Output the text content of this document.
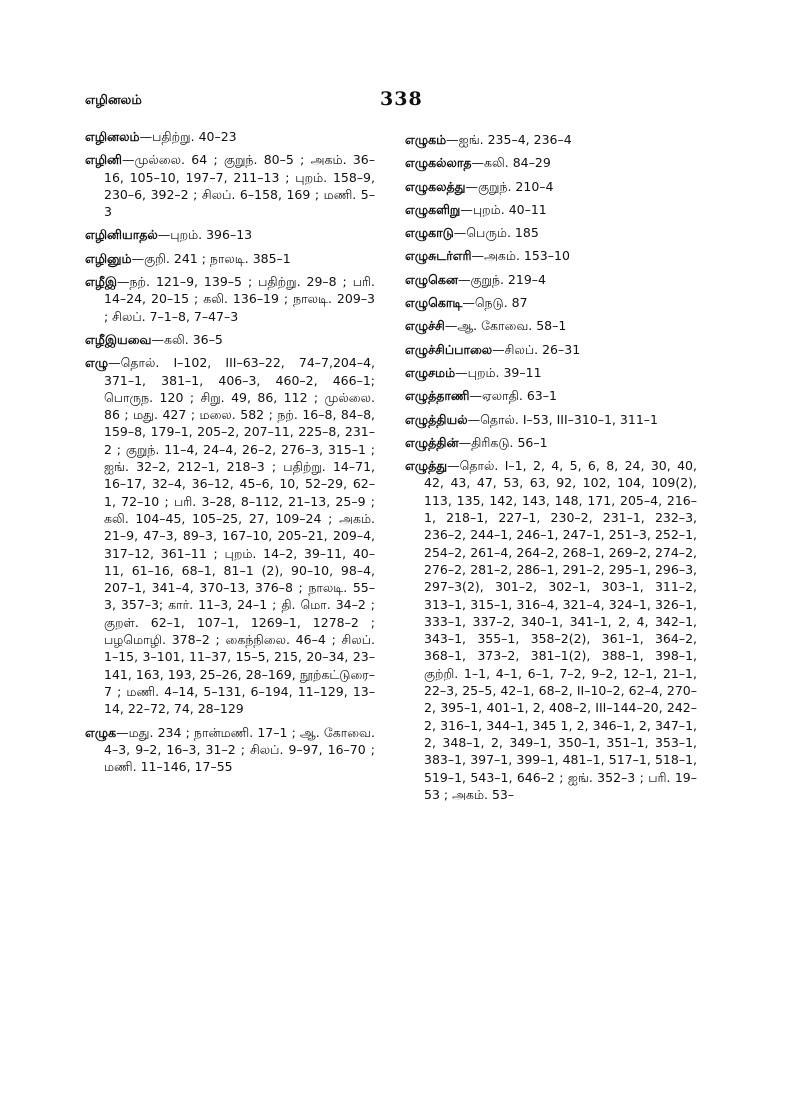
எழினலம்	338
எழினலம்—பதிற்று. 40–23
எழினி—முல்லை. 64 ; குறுந். 80–5 ; அகம். 36–16, 105–10, 197–7, 211–13 ; புறம். 158–9, 230–6, 392–2 ; சிலப். 6–158, 169 ; மணி. 5–3
எழினியாதல்—புறம். 396–13
எழினும்—குறி. 241 ; நாலடி. 385–1
எழீஇ—நற். 121–9, 139–5 ; பதிற்று. 29–8 ; பரி. 14–24, 20–15 ; கலி. 136–19 ; நாலடி. 209–3 ; சிலப். 7–1–8, 7–47–3
எழீஇயவை—கலி. 36–5
எழு—தொல். I–102, III–63–22, 74–7,204–4, 371–1, 381–1, 406–3, 460–2, 466–1; பொருந. 120 ; சிறு. 49, 86, 112 ; முல்லை. 86 ; மது. 427 ; மலை. 582 ; நற். 16–8, 84–8, 159–8, 179–1, 205–2, 207–11, 225–8, 231–2 ; குறுந். 11–4, 24–4, 26–2, 276–3, 315–1 ; ஐங். 32–2, 212–1, 218–3 ; பதிற்று. 14–71, 16–17, 32–4, 36–12, 45–6, 10, 52–29, 62–1, 72–10 ; பரி. 3–28, 8–112, 21–13, 25–9 ; கலி. 104–45, 105–25, 27, 109–24 ; அகம். 21–9, 47–3, 89–3, 167–10, 205–21, 209–4, 317–12, 361–11 ; புறம். 14–2, 39–11, 40–11, 61–16, 68–1, 81–1 (2), 90–10, 98–4, 207–1, 341–4, 370–13, 376–8 ; நாலடி. 55–3, 357–3; கார். 11–3, 24–1 ; தி. மொ. 34–2 ; குறள். 62–1, 107–1, 1269–1, 1278–2 ; பழமொழி. 378–2 ; கைந்நிலை. 46–4 ; சிலப். 1–15, 3–101, 11–37, 15–5, 215, 20–34, 23–141, 163, 193, 25–26, 28–169, நூற்கட்டுரை–7 ; மணி. 4–14, 5–131, 6–194, 11–129, 13–14, 22–72, 74, 28–129
எழுக—மது. 234 ; நான்மணி. 17–1 ; ஆ. கோவை. 4–3, 9–2, 16–3, 31–2 ; சிலப். 9–97, 16–70 ; மணி. 11–146, 17–55
எழுகம்—ஐங். 235–4, 236–4
எழுகல்லாத—கலி. 84–29
எழுகலத்து—குறுந். 210–4
எழுகளிறு—புறம். 40–11
எழுகாடு—பெரும். 185
எழுசுடர்எரி—அகம். 153–10
எழுகென—குறுந். 219–4
எழுகொடி—நெடு. 87
எழுச்சி—ஆ. கோவை. 58–1
எழுச்சிப்பாலை—சிலப். 26–31
எழுசமம்—புறம். 39–11
எழுத்தாணி—ஏலாதி. 63–1
எழுத்தியல்—தொல். I–53, III–310–1, 311–1
எழுத்தின்—திரிகடு. 56–1
எழுத்து—தொல். I–1, 2, 4, 5, 6, 8, 24, 30, 40, 42, 43, 47, 53, 63, 92, 102, 104, 109(2), 113, 135, 142, 143, 148, 171, 205–4, 216–1, 218–1, 227–1, 230–2, 231–1, 232–3, 236–2, 244–1, 246–1, 247–1, 251–3, 252–1, 254–2, 261–4, 264–2, 268–1, 269–2, 274–2, 276–2, 281–2, 286–1, 291–2, 295–1, 296–3, 297–3(2), 301–2, 302–1, 303–1, 311–2, 313–1, 315–1, 316–4, 321–4, 324–1, 326–1, 333–1, 337–2, 340–1, 341–1, 2, 4, 342–1, 343–1, 355–1, 358–2(2), 361–1, 364–2, 368–1, 373–2, 381–1(2), 388–1, 398–1, குற்றி. 1–1, 4–1, 6–1, 7–2, 9–2, 12–1, 21–1, 22–3, 25–5, 42–1, 68–2, II–10–2, 62–4, 270–2, 395–1, 401–1, 2, 408–2, III–144–20, 242–2, 316–1, 344–1, 345 1, 2, 346–1, 2, 347–1, 2, 348–1, 2, 349–1, 350–1, 351–1, 353–1, 383–1, 397–1, 399–1, 481–1, 517–1, 518–1, 519–1, 543–1, 646–2 ; ஐங். 352–3 ; பரி. 19–53 ; அகம். 53–
